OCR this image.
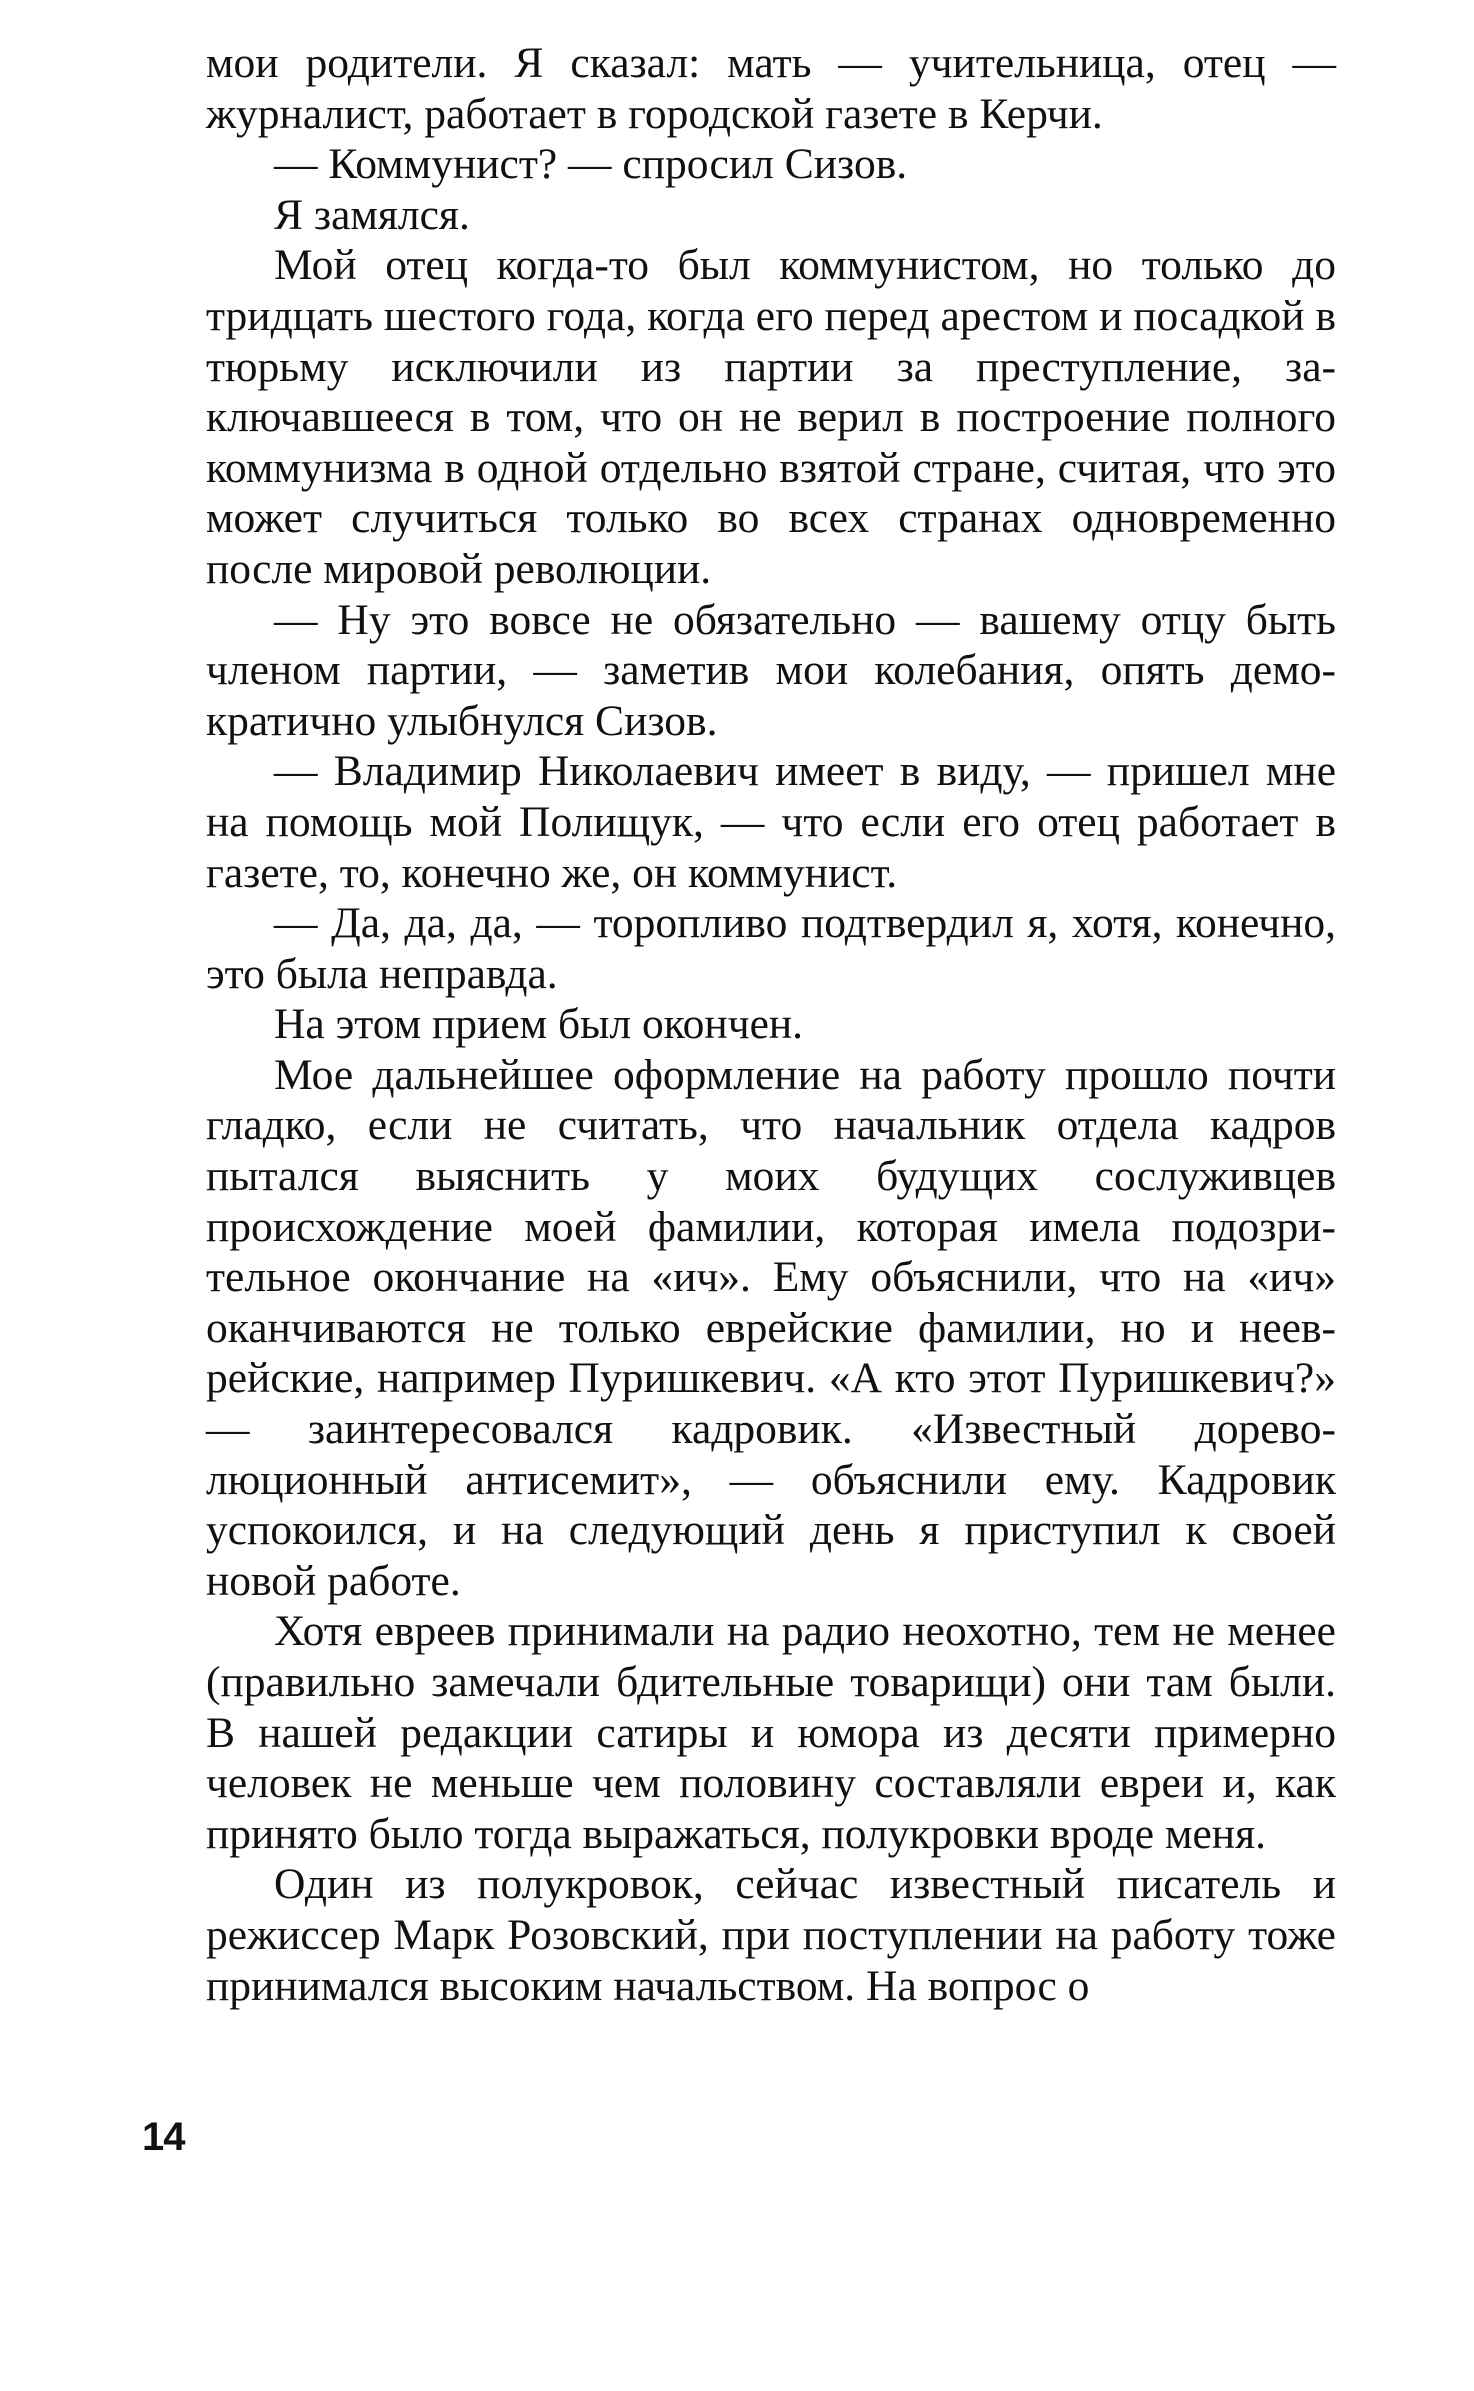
мои родители. Я сказал: мать — учительница, отец — журналист, работает в городской газете в Керчи.

— Коммунист? — спросил Сизов.

Я замялся.

Мой отец когда-то был коммунистом, но только до тридцать шестого года, когда его перед арестом и посадкой в тюрьму исключили из партии за преступление, заключавшееся в том, что он не верил в построение полного коммунизма в одной отдельно взятой стране, считая, что это может случиться только во всех странах одновременно после мировой революции.

— Ну это вовсе не обязательно — вашему отцу быть членом партии, — заметив мои колебания, опять демократично улыбнулся Сизов.

— Владимир Николаевич имеет в виду, — пришел мне на помощь мой Полищук, — что если его отец работает в газете, то, конечно же, он коммунист.

— Да, да, да, — торопливо подтвердил я, хотя, конечно, это была неправда.

На этом прием был окончен.

Мое дальнейшее оформление на работу прошло почти гладко, если не считать, что начальник отдела кадров пытался выяснить у моих будущих сослуживцев происхождение моей фамилии, которая имела подозрительное окончание на «ич». Ему объяснили, что на «ич» оканчиваются не только еврейские фамилии, но и нееврейские, например Пуришкевич. «А кто этот Пуришкевич?» — заинтересовался кадровик. «Известный дореволюционный антисемит», — объяснили ему. Кадровик успокоился, и на следующий день я приступил к своей новой работе.

Хотя евреев принимали на радио неохотно, тем не менее (правильно замечали бдительные товарищи) они там были. В нашей редакции сатиры и юмора из десяти примерно человек не меньше чем половину составляли евреи и, как принято было тогда выражаться, полукровки вроде меня.

Один из полукровок, сейчас известный писатель и режиссер Марк Розовский, при поступлении на работу тоже принимался высоким начальством. На вопрос о

14
